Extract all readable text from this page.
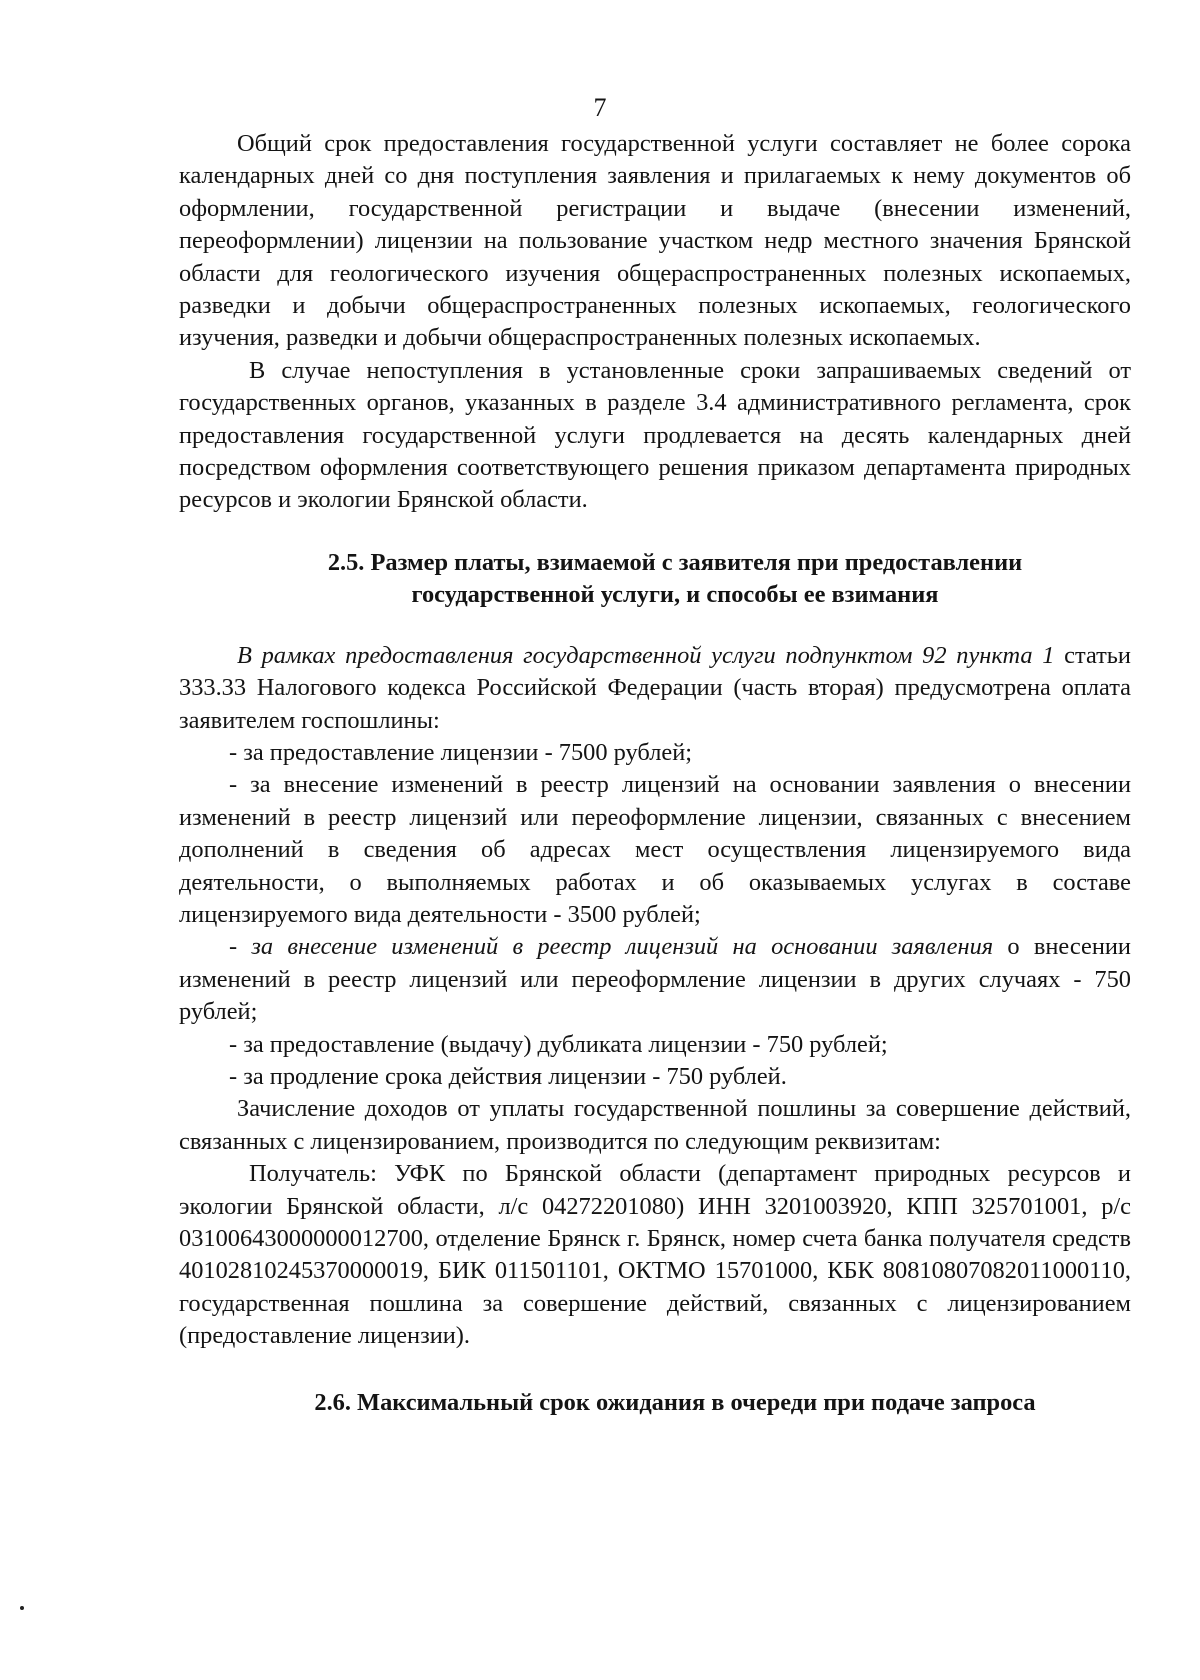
7

Общий срок предоставления государственной услуги составляет не более сорока календарных дней со дня поступления заявления и прилагаемых к нему документов об оформлении, государственной регистрации и выдаче (внесении изменений, переоформлении) лицензии на пользование участком недр местного значения Брянской области для геологического изучения общераспространенных полезных ископаемых, разведки и добычи общераспространенных полезных ископаемых, геологического изучения, разведки и добычи общераспространенных полезных ископаемых.

В случае непоступления в установленные сроки запрашиваемых сведений от государственных органов, указанных в разделе 3.4 административного регламента, срок предоставления государственной услуги продлевается на десять календарных дней посредством оформления соответствующего решения приказом департамента природных ресурсов и экологии Брянской области.

2.5. Размер платы, взимаемой с заявителя при предоставлении
государственной услуги, и способы ее взимания

В рамках предоставления государственной услуги подпунктом 92 пункта 1 статьи 333.33 Налогового кодекса Российской Федерации (часть вторая) предусмотрена оплата заявителем госпошлины:

- за предоставление лицензии - 7500 рублей;

- за внесение изменений в реестр лицензий на основании заявления о внесении изменений в реестр лицензий или переоформление лицензии, связанных с внесением дополнений в сведения об адресах мест осуществления лицензируемого вида деятельности, о выполняемых работах и об оказываемых услугах в составе лицензируемого вида деятельности - 3500 рублей;

- за внесение изменений в реестр лицензий на основании заявления о внесении изменений в реестр лицензий или переоформление лицензии в других случаях - 750 рублей;

- за предоставление (выдачу) дубликата лицензии - 750 рублей;

- за продление срока действия лицензии - 750 рублей.

Зачисление доходов от уплаты государственной пошлины за совершение действий, связанных с лицензированием, производится по следующим реквизитам:

Получатель: УФК по Брянской области (департамент природных ресурсов и экологии Брянской области, л/с 04272201080) ИНН 3201003920, КПП 325701001, р/с 03100643000000012700, отделение Брянск г. Брянск, номер счета банка получателя средств 40102810245370000019, БИК 011501101, ОКТМО 15701000, КБК 80810807082011000110, государственная пошлина за совершение действий, связанных с лицензированием (предоставление лицензии).

2.6. Максимальный срок ожидания в очереди при подаче запроса
